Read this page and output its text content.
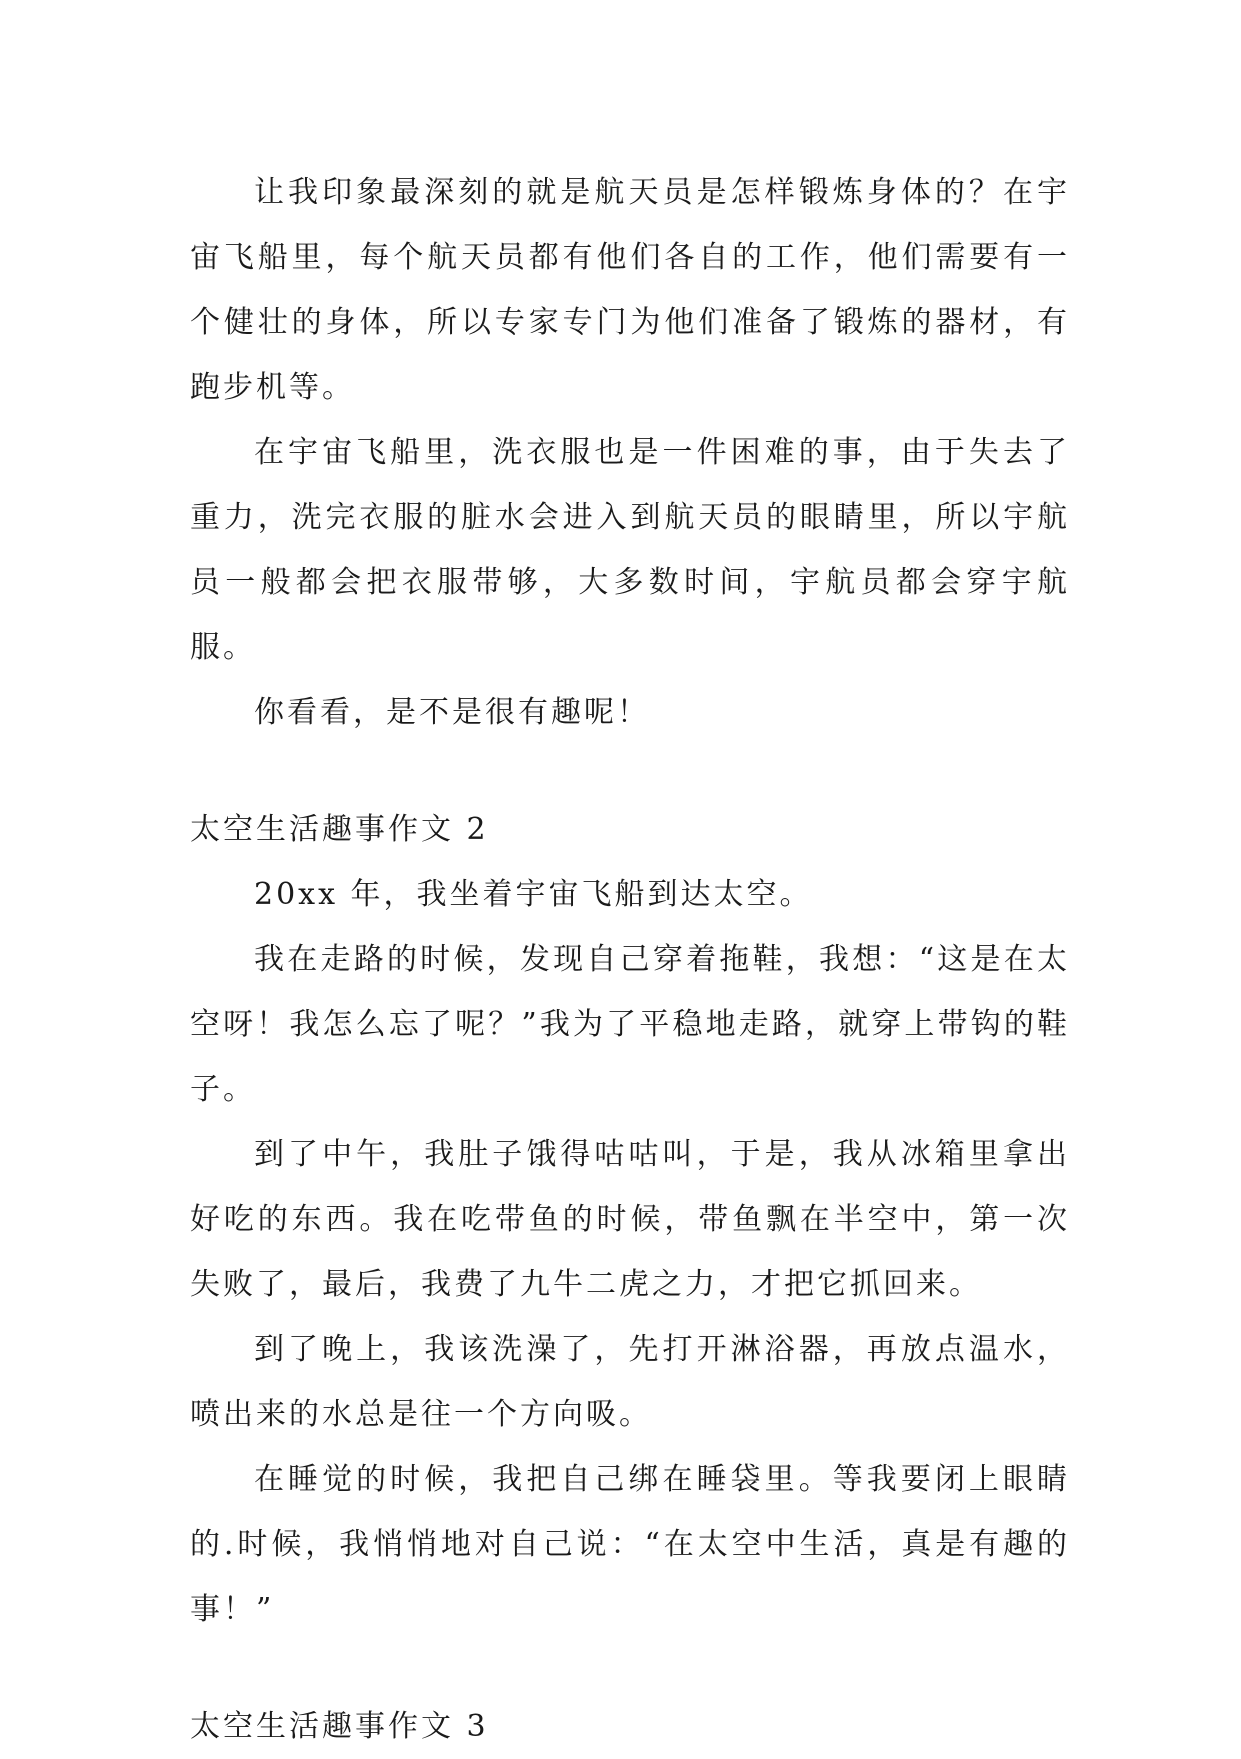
让我印象最深刻的就是航天员是怎样锻炼身体的？在宇宙飞船里，每个航天员都有他们各自的工作，他们需要有一个健壮的身体，所以专家专门为他们准备了锻炼的器材，有跑步机等。

在宇宙飞船里，洗衣服也是一件困难的事，由于失去了重力，洗完衣服的脏水会进入到航天员的眼睛里，所以宇航员一般都会把衣服带够，大多数时间，宇航员都会穿宇航服。

你看看，是不是很有趣呢！

太空生活趣事作文 2

20xx 年，我坐着宇宙飞船到达太空。

我在走路的时候，发现自己穿着拖鞋，我想：“这是在太空呀！我怎么忘了呢？”我为了平稳地走路，就穿上带钩的鞋子。

到了中午，我肚子饿得咕咕叫，于是，我从冰箱里拿出好吃的东西。我在吃带鱼的时候，带鱼飘在半空中，第一次失败了，最后，我费了九牛二虎之力，才把它抓回来。

到了晚上，我该洗澡了，先打开淋浴器，再放点温水，喷出来的水总是往一个方向吸。

在睡觉的时候，我把自己绑在睡袋里。等我要闭上眼睛的.时候，我悄悄地对自己说：“在太空中生活，真是有趣的事！”

太空生活趣事作文 3
